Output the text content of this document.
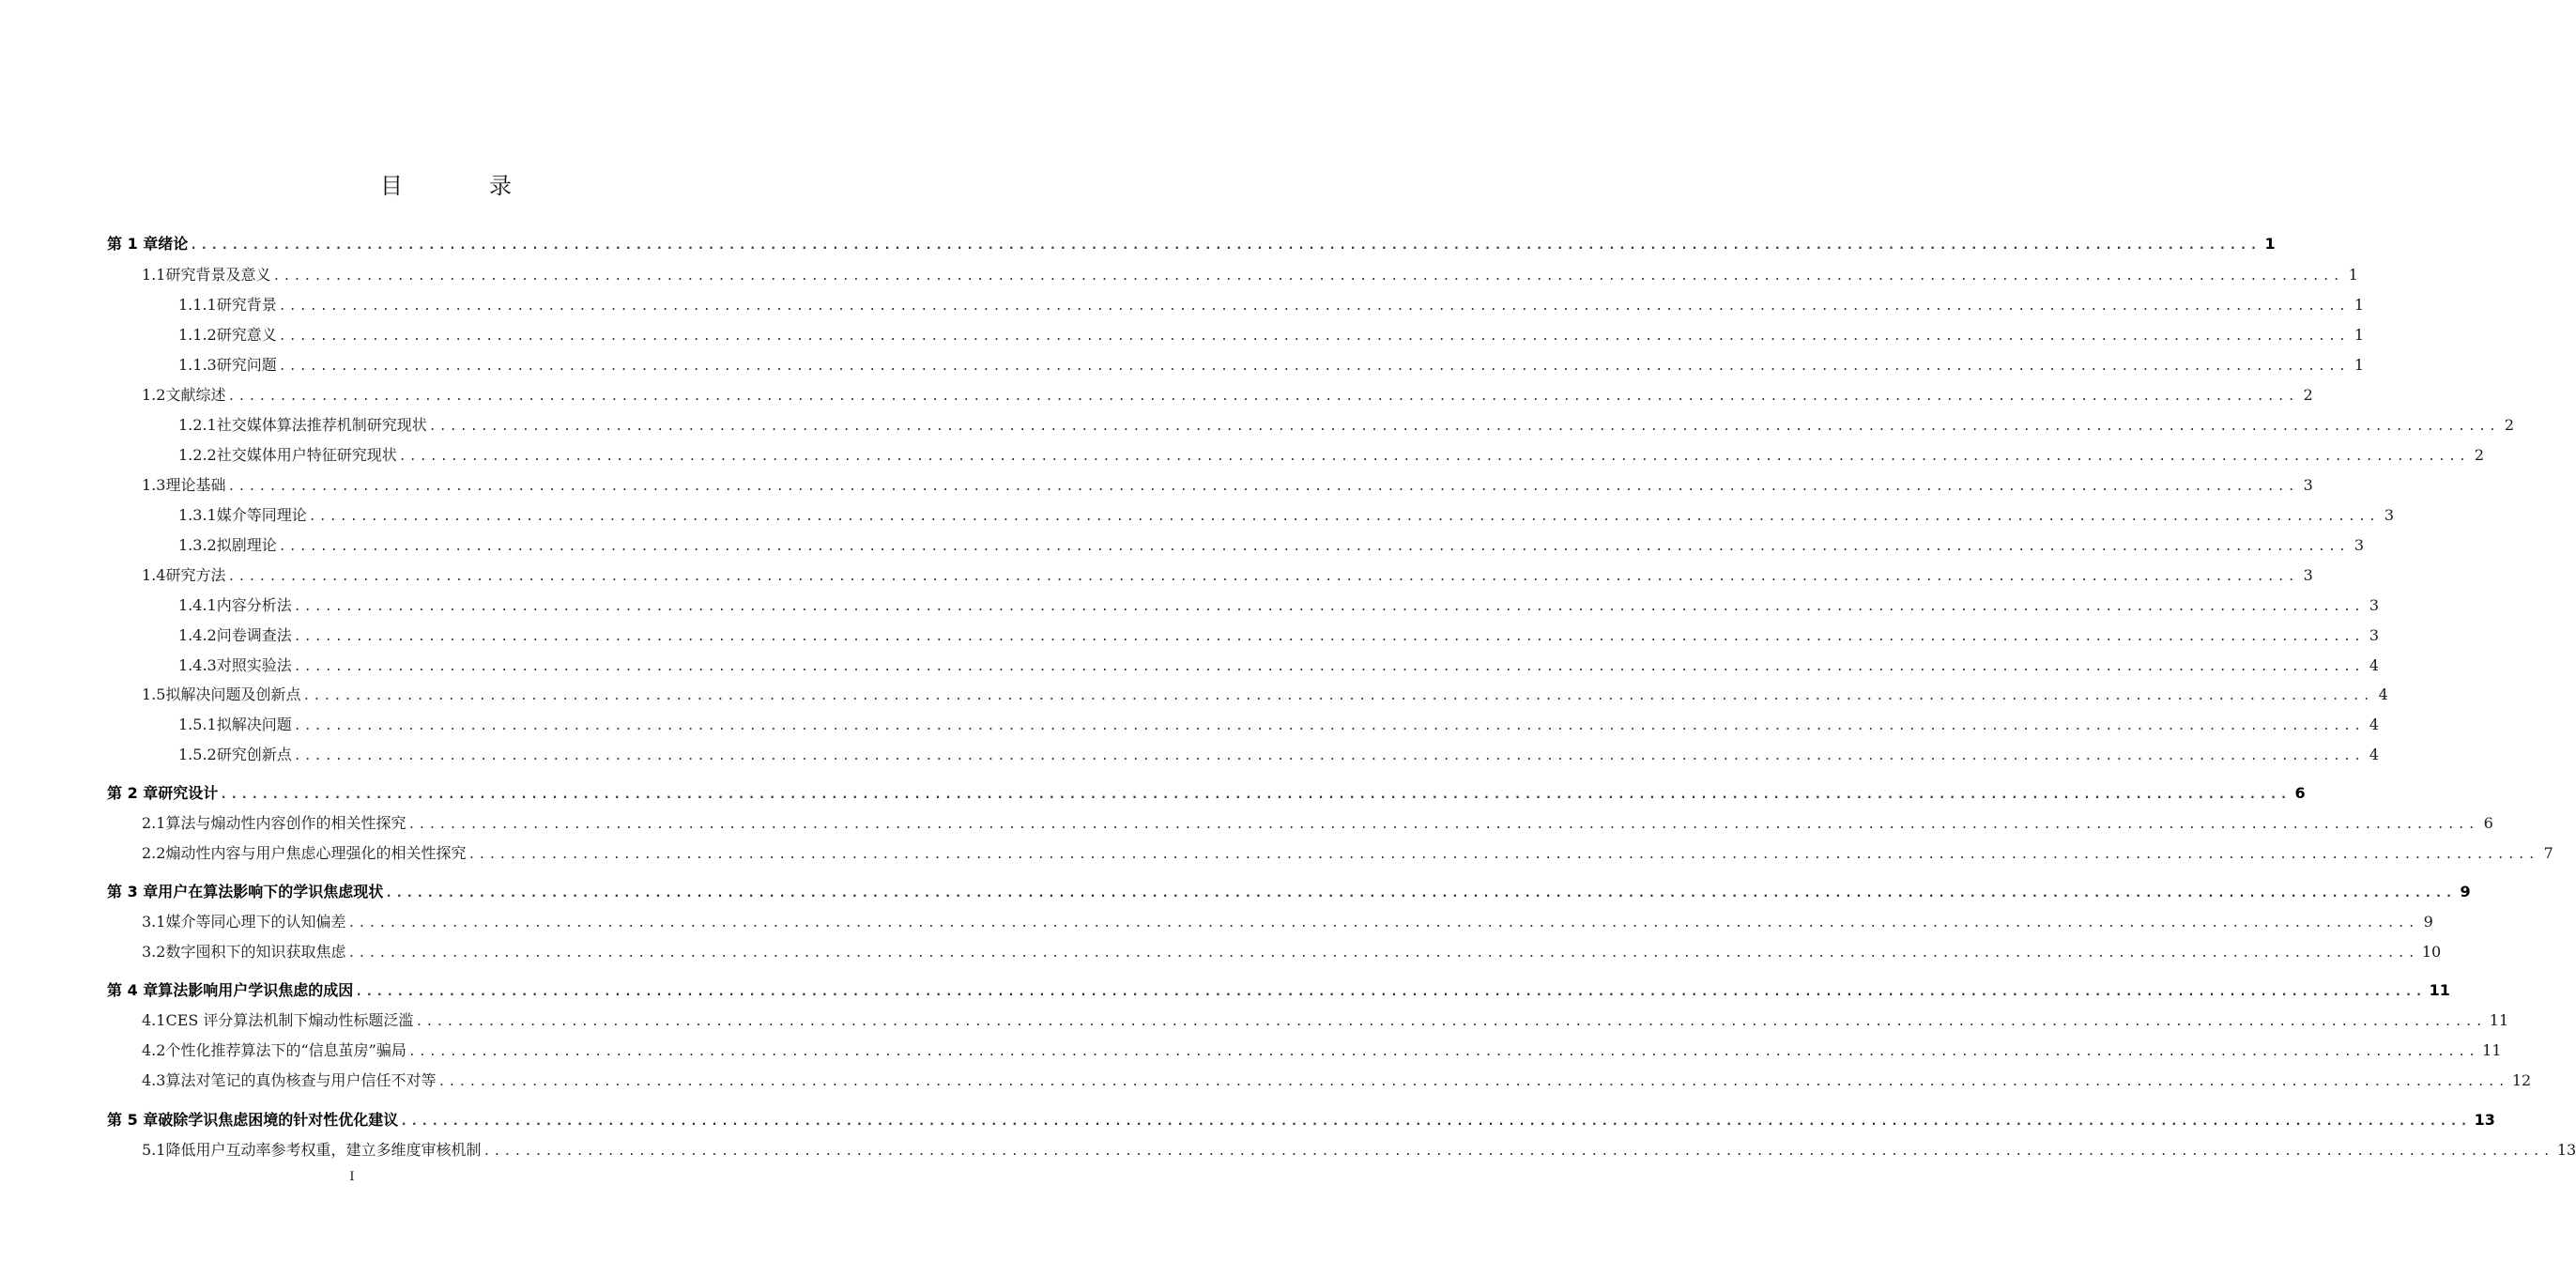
目　录
第 1 章 绪论 ........................................................................................................................................................................................................ 1
1.1 研究背景及意义 ........................................................................................................................................................................................................ 1
1.1.1 研究背景 ........................................................................................................................................................................................................ 1
1.1.2 研究意义 ........................................................................................................................................................................................................ 1
1.1.3 研究问题 ........................................................................................................................................................................................................ 1
1.2 文献综述 ........................................................................................................................................................................................................ 2
1.2.1 社交媒体算法推荐机制研究现状 ........................................................................................................................................................................................................ 2
1.2.2 社交媒体用户特征研究现状 ........................................................................................................................................................................................................ 2
1.3 理论基础 ........................................................................................................................................................................................................ 3
1.3.1 媒介等同理论 ........................................................................................................................................................................................................ 3
1.3.2 拟剧理论 ........................................................................................................................................................................................................ 3
1.4 研究方法 ........................................................................................................................................................................................................ 3
1.4.1 内容分析法 ........................................................................................................................................................................................................ 3
1.4.2 问卷调查法 ........................................................................................................................................................................................................ 3
1.4.3 对照实验法 ........................................................................................................................................................................................................ 4
1.5 拟解决问题及创新点 ........................................................................................................................................................................................................ 4
1.5.1 拟解决问题 ........................................................................................................................................................................................................ 4
1.5.2 研究创新点 ........................................................................................................................................................................................................ 4
第 2 章 研究设计 ........................................................................................................................................................................................................ 6
2.1 算法与煽动性内容创作的相关性探究 ........................................................................................................................................................................................................ 6
2.2 煽动性内容与用户焦虑心理强化的相关性探究 ........................................................................................................................................................................................................ 7
第 3 章 用户在算法影响下的学识焦虑现状 ........................................................................................................................................................................................................ 9
3.1 媒介等同心理下的认知偏差 ........................................................................................................................................................................................................ 9
3.2 数字囤积下的知识获取焦虑 ........................................................................................................................................................................................................ 10
第 4 章 算法影响用户学识焦虑的成因 ........................................................................................................................................................................................................ 11
4.1 CES 评分算法机制下煽动性标题泛滥 ........................................................................................................................................................................................................ 11
4.2 个性化推荐算法下的“信息茧房”骗局 ........................................................................................................................................................................................................ 11
4.3 算法对笔记的真伪核查与用户信任不对等 ........................................................................................................................................................................................................ 12
第 5 章 破除学识焦虑困境的针对性优化建议 ........................................................................................................................................................................................................ 13
5.1 降低用户互动率参考权重，建立多维度审核机制 ........................................................................................................................................................................................................ 13
I
